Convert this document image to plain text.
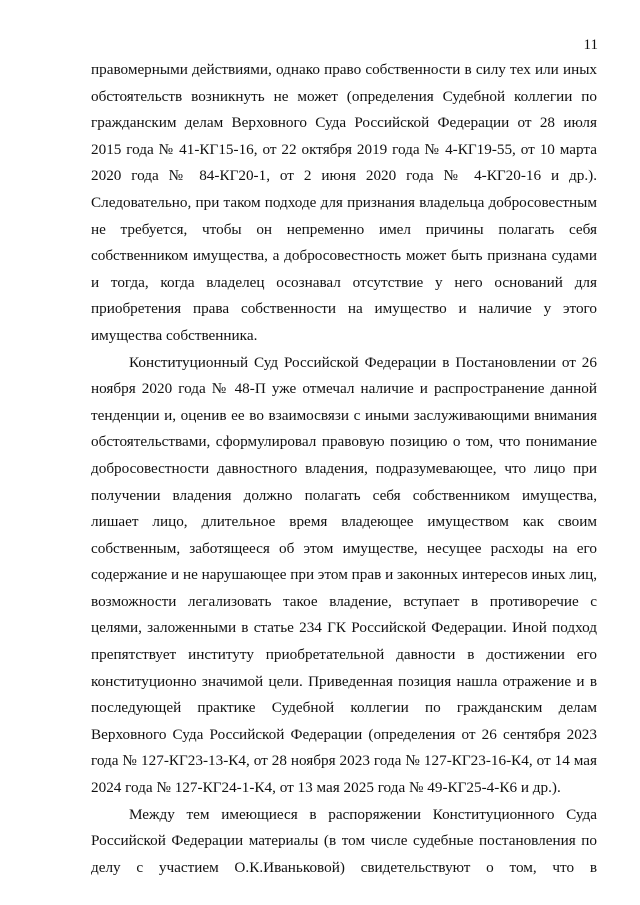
11
правомерными действиями, однако право собственности в силу тех или иных
обстоятельств возникнуть не может (определения Судебной коллегии по
гражданским делам Верховного Суда Российской Федерации от 28 июля
2015 года № 41-КГ15-16, от 22 октября 2019 года № 4-КГ19-55, от 10 марта
2020 года № 84-КГ20-1, от 2 июня 2020 года № 4-КГ20-16 и др.).
Следовательно, при таком подходе для признания владельца добросовестным
не требуется, чтобы он непременно имел причины полагать себя
собственником имущества, а добросовестность может быть признана судами
и тогда, когда владелец осознавал отсутствие у него оснований для
приобретения права собственности на имущество и наличие у этого
имущества собственника.
Конституционный Суд Российской Федерации в Постановлении от 26
ноября 2020 года № 48-П уже отмечал наличие и распространение данной
тенденции и, оценив ее во взаимосвязи с иными заслуживающими внимания
обстоятельствами, сформулировал правовую позицию о том, что понимание
добросовестности давностного владения, подразумевающее, что лицо при
получении владения должно полагать себя собственником имущества,
лишает лицо, длительное время владеющее имуществом как своим
собственным, заботящееся об этом имуществе, несущее расходы на его
содержание и не нарушающее при этом прав и законных интересов иных лиц,
возможности легализовать такое владение, вступает в противоречие с
целями, заложенными в статье 234 ГК Российской Федерации. Иной подход
препятствует институту приобретательной давности в достижении его
конституционно значимой цели. Приведенная позиция нашла отражение и в
последующей практике Судебной коллегии по гражданским делам
Верховного Суда Российской Федерации (определения от 26 сентября 2023
года № 127-КГ23-13-К4, от 28 ноября 2023 года № 127-КГ23-16-К4, от 14 мая
2024 года № 127-КГ24-1-К4, от 13 мая 2025 года № 49-КГ25-4-К6 и др.).
Между тем имеющиеся в распоряжении Конституционного Суда
Российской Федерации материалы (в том числе судебные постановления по
делу с участием О.К.Иваньковой) свидетельствуют о том, что в
